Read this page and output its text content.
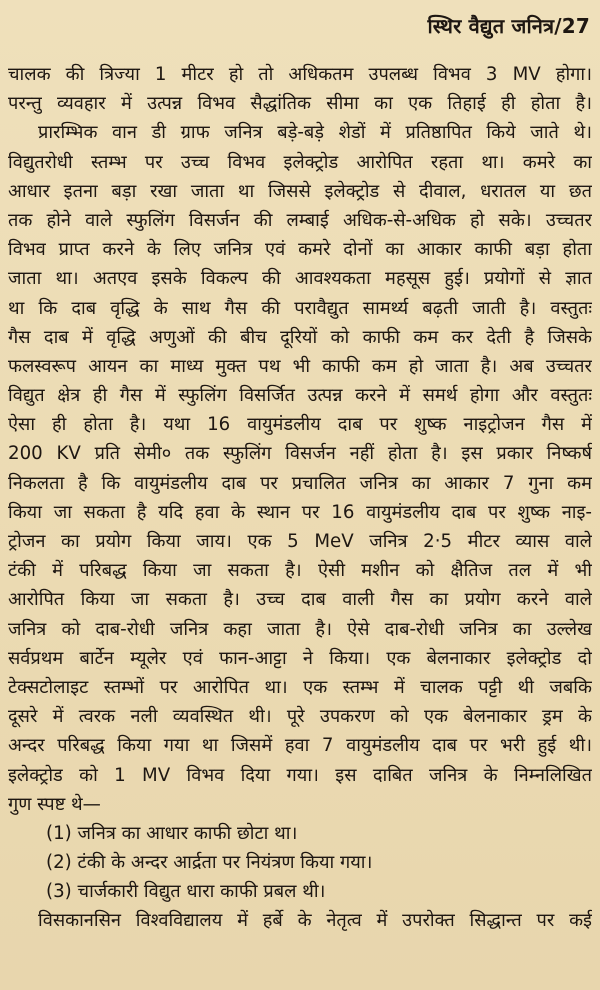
स्थिर वैद्युत जनित्र/27
चालक की त्रिज्या 1 मीटर हो तो अधिकतम उपलब्ध विभव 3 MV होगा।
परन्तु व्यवहार में उत्पन्न विभव सैद्धांतिक सीमा का एक तिहाई ही होता है।
प्रारम्भिक वान डी ग्राफ जनित्र बड़े-बड़े शेडों में प्रतिष्ठापित किये जाते थे।
विद्युतरोधी स्तम्भ पर उच्च विभव इलेक्ट्रोड आरोपित रहता था। कमरे का
आधार इतना बड़ा रखा जाता था जिससे इलेक्ट्रोड से दीवाल, धरातल या छत
तक होने वाले स्फुलिंग विसर्जन की लम्बाई अधिक-से-अधिक हो सके। उच्चतर
विभव प्राप्त करने के लिए जनित्र एवं कमरे दोनों का आकार काफी बड़ा होता
जाता था। अतएव इसके विकल्प की आवश्यकता महसूस हुई। प्रयोगों से ज्ञात
था कि दाब वृद्धि के साथ गैस की परावैद्युत सामर्थ्य बढ़ती जाती है। वस्तुतः
गैस दाब में वृद्धि अणुओं की बीच दूरियों को काफी कम कर देती है जिसके
फलस्वरूप आयन का माध्य मुक्त पथ भी काफी कम हो जाता है। अब उच्चतर
विद्युत क्षेत्र ही गैस में स्फुलिंग विसर्जित उत्पन्न करने में समर्थ होगा और वस्तुतः
ऐसा ही होता है। यथा 16 वायुमंडलीय दाब पर शुष्क नाइट्रोजन गैस में
200 KV प्रति सेमी० तक स्फुलिंग विसर्जन नहीं होता है। इस प्रकार निष्कर्ष
निकलता है कि वायुमंडलीय दाब पर प्रचालित जनित्र का आकार 7 गुना कम
किया जा सकता है यदि हवा के स्थान पर 16 वायुमंडलीय दाब पर शुष्क नाइ-
ट्रोजन का प्रयोग किया जाय। एक 5 MeV जनित्र 2·5 मीटर व्यास वाले
टंकी में परिबद्ध किया जा सकता है। ऐसी मशीन को क्षैतिज तल में भी
आरोपित किया जा सकता है। उच्च दाब वाली गैस का प्रयोग करने वाले
जनित्र को दाब-रोधी जनित्र कहा जाता है। ऐसे दाब-रोधी जनित्र का उल्लेख
सर्वप्रथम बार्टेन म्यूलेर एवं फान-आट्टा ने किया। एक बेलनाकार इलेक्ट्रोड दो
टेक्सटोलाइट स्तम्भों पर आरोपित था। एक स्तम्भ में चालक पट्टी थी जबकि
दूसरे में त्वरक नली व्यवस्थित थी। पूरे उपकरण को एक बेलनाकार ड्रम के
अन्दर परिबद्ध किया गया था जिसमें हवा 7 वायुमंडलीय दाब पर भरी हुई थी।
इलेक्ट्रोड को 1 MV विभव दिया गया। इस दाबित जनित्र के निम्नलिखित
गुण स्पष्ट थे—
(1) जनित्र का आधार काफी छोटा था।
(2) टंकी के अन्दर आर्द्रता पर नियंत्रण किया गया।
(3) चार्जकारी विद्युत धारा काफी प्रबल थी।
विसकानसिन विश्वविद्यालय में हर्बे के नेतृत्व में उपरोक्त सिद्धान्त पर कई
